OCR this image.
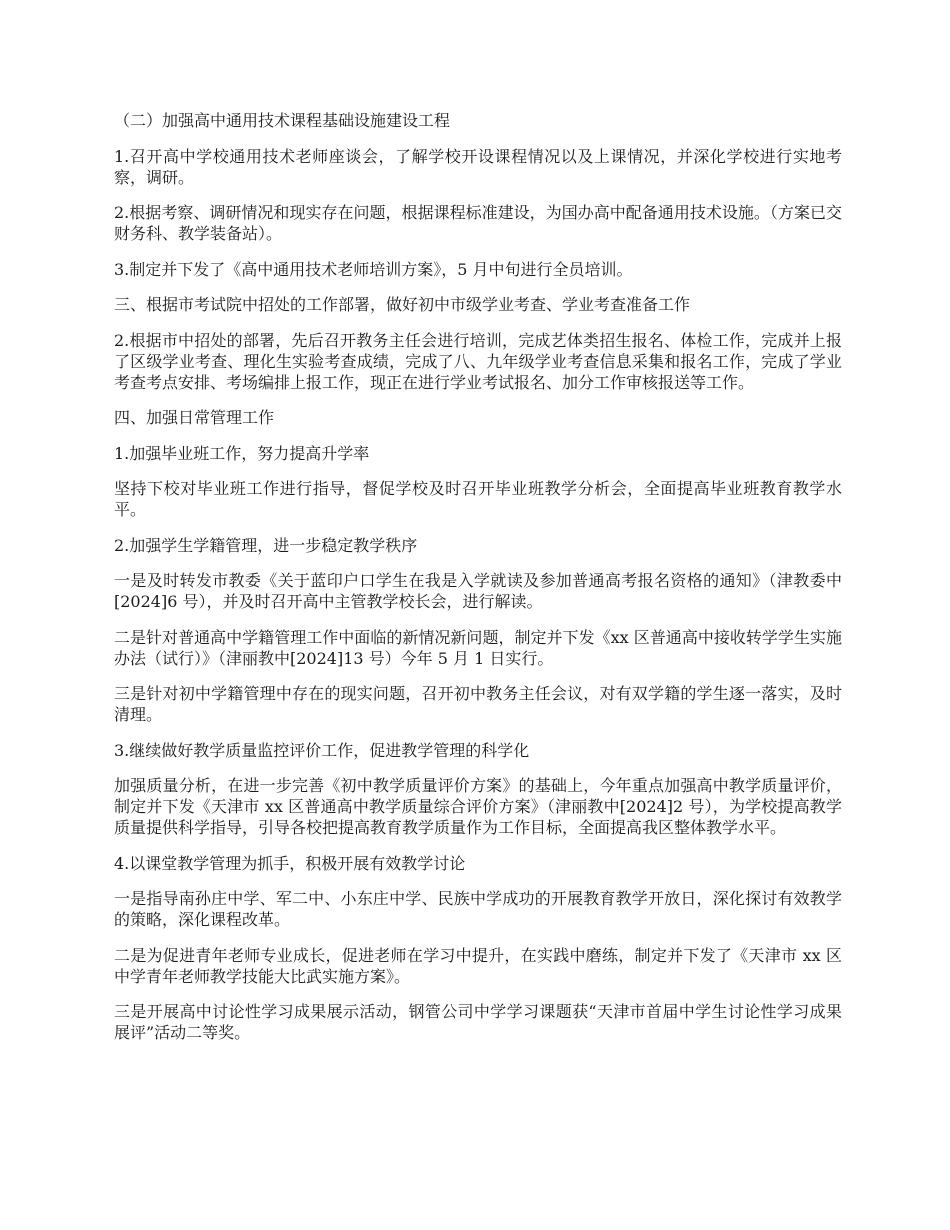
（二）加强高中通用技术课程基础设施建设工程

1.召开高中学校通用技术老师座谈会，了解学校开设课程情况以及上课情况，并深化学校进行实地考察，调研。

2.根据考察、调研情况和现实存在问题，根据课程标准建设，为国办高中配备通用技术设施。（方案已交财务科、教学装备站）。

3.制定并下发了《高中通用技术老师培训方案》，5 月中旬进行全员培训。

三、根据市考试院中招处的工作部署，做好初中市级学业考查、学业考查准备工作

2.根据市中招处的部署，先后召开教务主任会进行培训，完成艺体类招生报名、体检工作，完成并上报了区级学业考查、理化生实验考查成绩，完成了八、九年级学业考查信息采集和报名工作，完成了学业考查考点安排、考场编排上报工作，现正在进行学业考试报名、加分工作审核报送等工作。

四、加强日常管理工作

1.加强毕业班工作，努力提高升学率

坚持下校对毕业班工作进行指导，督促学校及时召开毕业班教学分析会，全面提高毕业班教育教学水平。

2.加强学生学籍管理，进一步稳定教学秩序

一是及时转发市教委《关于蓝印户口学生在我是入学就读及参加普通高考报名资格的通知》（津教委中[2024]6 号），并及时召开高中主管教学校长会，进行解读。

二是针对普通高中学籍管理工作中面临的新情况新问题，制定并下发《xx 区普通高中接收转学学生实施办法（试行）》（津丽教中[2024]13 号）今年 5 月 1 日实行。

三是针对初中学籍管理中存在的现实问题，召开初中教务主任会议，对有双学籍的学生逐一落实，及时清理。

3.继续做好教学质量监控评价工作，促进教学管理的科学化

加强质量分析，在进一步完善《初中教学质量评价方案》的基础上，今年重点加强高中教学质量评价，制定并下发《天津市 xx 区普通高中教学质量综合评价方案》（津丽教中[2024]2 号），为学校提高教学质量提供科学指导，引导各校把提高教育教学质量作为工作目标，全面提高我区整体教学水平。

4.以课堂教学管理为抓手，积极开展有效教学讨论

一是指导南孙庄中学、军二中、小东庄中学、民族中学成功的开展教育教学开放日，深化探讨有效教学的策略，深化课程改革。

二是为促进青年老师专业成长，促进老师在学习中提升，在实践中磨练，制定并下发了《天津市 xx 区中学青年老师教学技能大比武实施方案》。

三是开展高中讨论性学习成果展示活动，钢管公司中学学习课题获“天津市首届中学生讨论性学习成果展评”活动二等奖。
